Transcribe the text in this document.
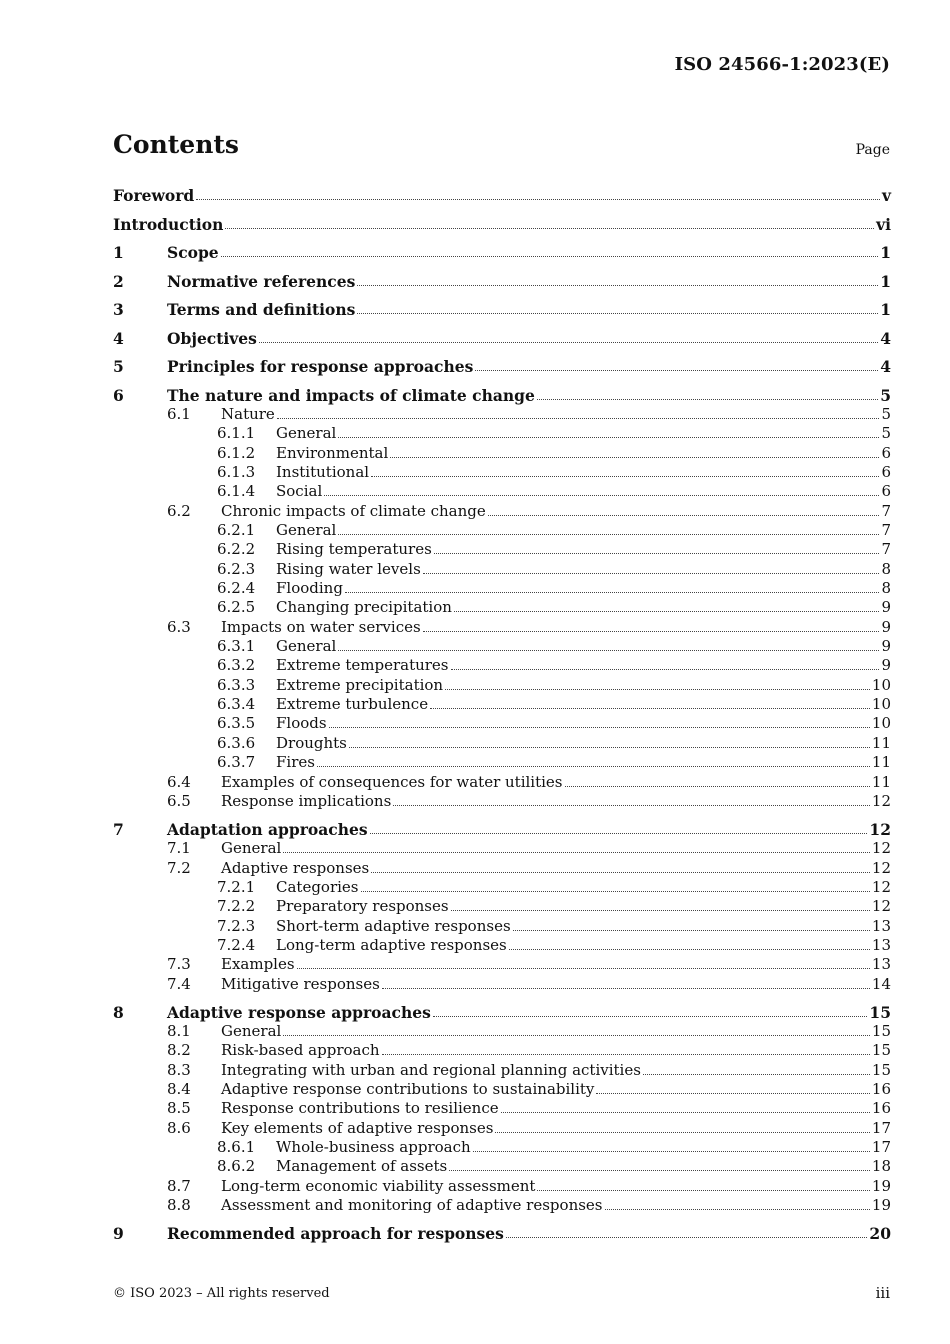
ISO 24566-1:2023(E)
Contents	Page
Foreword	v
Introduction	vi
1	Scope	1
2	Normative references	1
3	Terms and definitions	1
4	Objectives	4
5	Principles for response approaches	4
6	The nature and impacts of climate change	5
6.1	Nature	5
6.1.1	General	5
6.1.2	Environmental	6
6.1.3	Institutional	6
6.1.4	Social	6
6.2	Chronic impacts of climate change	7
6.2.1	General	7
6.2.2	Rising temperatures	7
6.2.3	Rising water levels	8
6.2.4	Flooding	8
6.2.5	Changing precipitation	9
6.3	Impacts on water services	9
6.3.1	General	9
6.3.2	Extreme temperatures	9
6.3.3	Extreme precipitation	10
6.3.4	Extreme turbulence	10
6.3.5	Floods	10
6.3.6	Droughts	11
6.3.7	Fires	11
6.4	Examples of consequences for water utilities	11
6.5	Response implications	12
7	Adaptation approaches	12
7.1	General	12
7.2	Adaptive responses	12
7.2.1	Categories	12
7.2.2	Preparatory responses	12
7.2.3	Short-term adaptive responses	13
7.2.4	Long-term adaptive responses	13
7.3	Examples	13
7.4	Mitigative responses	14
8	Adaptive response approaches	15
8.1	General	15
8.2	Risk-based approach	15
8.3	Integrating with urban and regional planning activities	15
8.4	Adaptive response contributions to sustainability	16
8.5	Response contributions to resilience	16
8.6	Key elements of adaptive responses	17
8.6.1	Whole-business approach	17
8.6.2	Management of assets	18
8.7	Long-term economic viability assessment	19
8.8	Assessment and monitoring of adaptive responses	19
9	Recommended approach for responses	20
© ISO 2023 – All rights reserved	iii
